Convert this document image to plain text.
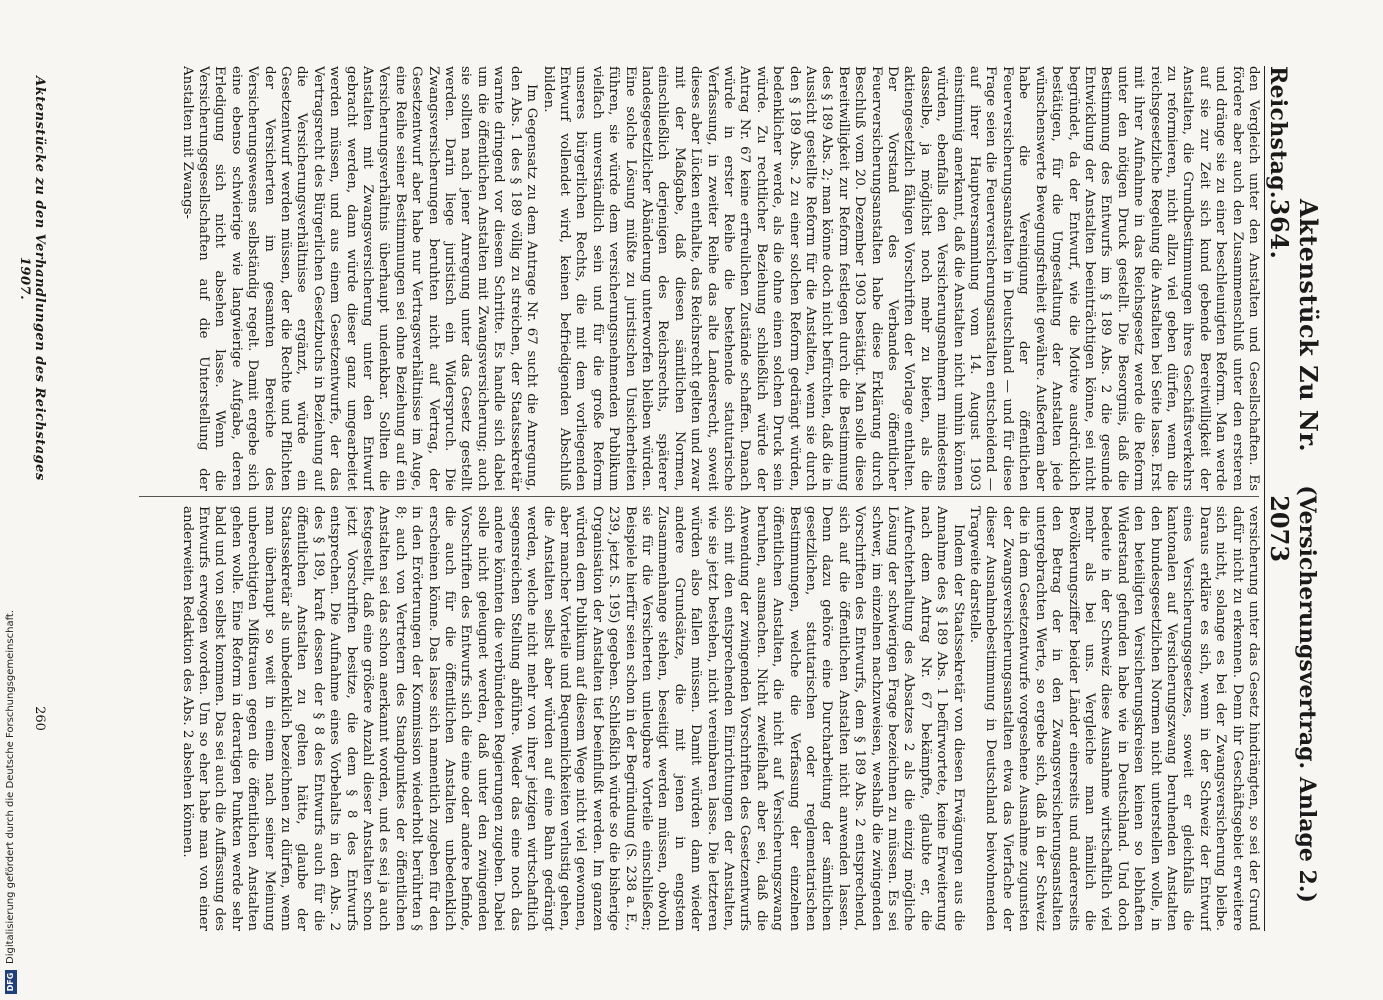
Reichstag.
Aktenstück Zu Nr. 364.
(Versicherungsvertrag. Anlage 2.) 2073

den Vergleich unter den Anstalten und Gesellschaften. Es fördere aber auch den Zusammenschluß unter den ersteren und dränge sie zu einer beschleunigten Reform. Man werde auf sie zur Zeit sich kund gebende Bereitwilligkeit der Anstalten, die Grundbestimmungen ihres Geschäftsverkehrs zu reformieren, nicht allzu viel geben dürfen, wenn die reichsgesetzliche Regelung die Anstalten bei Seite lasse. Erst mit ihrer Aufnahme in das Reichsgesetz werde die Reform unter den nötigen Druck gestellt. Die Besorgnis, daß die Bestimmung des Entwurfs im § 189 Abs. 2 die gesunde Entwicklung der Anstalten beeinträchtigen könne, sei nicht begründet, da der Entwurf, wie die Motive ausdrücklich bestätigen, für die Umgestaltung der Anstalten jede wünschenswerte Bewegungsfreiheit gewähre. Außerdem aber habe die Vereinigung der öffentlichen Feuerversicherungsanstalten in Deutschland — und für diese Frage seien die Feuerversicherungsanstalten entscheidend — auf ihrer Hauptversammlung vom 14. August 1903 einstimmig anerkannt, daß die Anstalten nicht umhin können würden, ebenfalls den Versicherungsnehmern mindestens dasselbe, ja möglichst noch mehr zu bieten, als die aktiengesetzlich fähigen Vorschriften der Vorlage enthalten. Der Vorstand des Verbandes öffentlicher Feuerversicherungsanstalten habe diese Erklärung durch Beschluß vom 20. Dezember 1903 bestätigt. Man solle diese Bereitwilligkeit zur Reform festlegen durch die Bestimmung des § 189 Abs. 2; man könne doch nicht befürchten, daß die in Aussicht gestellte Reform für die Anstalten, wenn sie durch den § 189 Abs. 2 zu einer solchen Reform gedrängt würden, bedenklicher werde, als die ohne einen solchen Druck sein würde. Zu rechtlicher Beziehung schließlich würde der Antrag Nr. 67 keine erfreulichen Zustände schaffen. Danach würde in erster Reihe die bestehende statutarische Verfassung, in zweiter Reihe das alte Landesrecht, soweit dieses aber Lücken enthalte, das Reichsrecht gelten und zwar mit der Maßgabe, daß diesen sämtlichen Normen, einschließlich derjenigen des Reichsrechts, späterer landesgesetzlicher Abänderung unterworfen bleiben würden. Eine solche Lösung müßte zu juristischen Unsicherheiten führen, sie würde dem versicherungsnehmenden Publikum vielfach unverständlich sein und für die große Reform unseres bürgerlichen Rechts, die mit dem vorliegenden Entwurf vollendet wird, keinen befriedigenden Abschluß bilden.

Im Gegensatz zu dem Antrage Nr. 67 sucht die Anregung, den Abs. 1 des § 189 völlig zu streichen, der Staatssekretär warnte dringend vor diesem Schritte. Es handle sich dabei um die öffentlichen Anstalten mit Zwangsversicherung; auch sie sollten nach jener Anregung unter das Gesetz gestellt werden. Darin liege juristisch ein Widerspruch. Die Zwangsversicherungen beruhten nicht auf Vertrag, der Gesetzentwurf aber habe nur Vertragsverhältnisse im Auge, eine Reihe seiner Bestimmungen sei ohne Beziehung auf ein Versicherungsverhältnis überhaupt undenkbar. Sollten die Anstalten mit Zwangsversicherung unter den Entwurf gebracht werden, dann würde dieser ganz umgearbeitet werden müssen, und aus einem Gesetzentwurfe, der das Vertragsrecht des Bürgerlichen Gesetzbuchs in Beziehung auf die Versicherungsverhältnisse ergänzt, würde ein Gesetzentwurf werden müssen, der die Rechte und Pflichten der Versicherten im gesamten Bereiche des Versicherungswesens selbständig regelt. Damit ergebe sich eine ebenso schwierige wie langwierige Aufgabe, deren Erledigung sich nicht absehen lasse. Wenn die Versicherungsgesellschaften auf die Unterstellung der Anstalten mit Zwangs-

versicherung unter das Gesetz hindrängten, so sei der Grund dafür nicht zu erkennen. Denn ihr Geschäftsgebiet erweitere sich nicht, solange es bei der Zwangsversicherung bleibe. Daraus erkläre es sich, wenn in der Schweiz der Entwurf eines Versicherungsgesetzes, soweit er gleichfalls die kantonalen auf Versicherungszwang beruhenden Anstalten den bundesgesetzlichen Normen nicht unterstellen wolle, in den beteiligten Versicherungskreisen keinen so lebhaften Widerstand gefunden habe wie in Deutschland. Und doch bedeute in der Schweiz diese Ausnahme wirtschaftlich viel mehr als bei uns. Vergleiche man nämlich die Bevölkerungsziffer beider Länder einerseits und andererseits den Betrag der in den Zwangsversicherungsanstalten untergebrachten Werte, so ergebe sich, daß in der Schweiz die in dem Gesetzentwurfe vorgesehene Ausnahme zugunsten der Zwangsversicherungsanstalten etwa das Vierfache der dieser Ausnahmebestimmung in Deutschland beiwohnenden Tragweite darstelle.

Indem der Staatssekretär von diesen Erwägungen aus die Annahme des § 189 Abs. 1 befürwortete, keine Erweiterung nach dem Antrag Nr. 67 bekämpfte, glaubte er, die Aufrechterhaltung des Absatzes 2 als die einzig mögliche Lösung der schwierigen Frage bezeichnen zu müssen. Es sei schwer, im einzelnen nachzuweisen, weshalb die zwingenden Vorschriften des Entwurfs, dem § 189 Abs. 2 entsprechend, sich auf die öffentlichen Anstalten nicht anwenden lassen. Denn dazu gehöre eine Durcharbeitung der sämtlichen gesetzlichen, statutarischen oder reglementarischen Bestimmungen, welche die Verfassung der einzelnen öffentlichen Anstalten, die nicht auf Versicherungszwang beruhen, ausmachen. Nicht zweifelhaft aber sei, daß die Anwendung der zwingenden Vorschriften des Gesetzentwurfs sich mit den entsprechenden Einrichtungen der Anstalten, wie sie jetzt bestehen, nicht vereinbaren lasse. Die letzteren würden also fallen müssen. Damit würden dann wieder andere Grundsätze, die mit jenen in engstem Zusammenhange stehen, beseitigt werden müssen, obwohl sie für die Versicherten unleugbare Vorteile einschließen; Beispiele hierfür seien schon in der Begründung (S. 238 a. E., 239, jetzt S. 195) gegeben. Schließlich würde so die bisherige Organisation der Anstalten tief beeinflußt werden. Im ganzen würden dem Publikum auf diesem Wege nicht viel gewonnen, aber mancher Vorteile und Bequemlichkeiten verlustig gehen, die Anstalten selbst aber würden auf eine Bahn gedrängt werden, welche nicht mehr von ihrer jetzigen wirtschaftlich segensreichen Stellung abführe. Weder das eine noch das andere könnten die verbündeten Regierungen zugeben. Dabei solle nicht geleugnet werden, daß unter den zwingenden Vorschriften des Entwurfs sich die eine oder andere befinde, die auch für die öffentlichen Anstalten unbedenklich erscheinen könne. Das lasse sich namentlich zugeben für den in den Erörterungen der Kommission wiederholt berührten § 8; auch von Vertretern des Standpunktes der öffentlichen Anstalten sei das schon anerkannt worden, und es sei ja auch festgestellt, daß eine größere Anzahl dieser Anstalten schon jetzt Vorschriften besitze, die dem § 8 des Entwurfs entsprechen. Die Aufnahme eines Vorbehalts in den Abs. 2 des § 189, kraft dessen der § 8 des Entwurfs auch für die öffentlichen Anstalten zu gelten hätte, glaube der Staatssekretär als unbedenklich bezeichnen zu dürfen, wenn man überhaupt so weit in einem nach seiner Meinung unberechtigten Mißtrauen gegen die öffentlichen Anstalten gehen wolle. Eine Reform in derartigen Punkten werde sehr bald und von selbst kommen. Das sei auch die Auffassung des Entwurfs erwogen worden. Um so eher habe man von einer anderweiten Redaktion des Abs. 2 absehen können.

Aktenstücke zu den Verhandlungen des Reichstages 1907.
260
DFG
Digitalisierung gefördert durch die Deutsche Forschungsgemeinschaft.
